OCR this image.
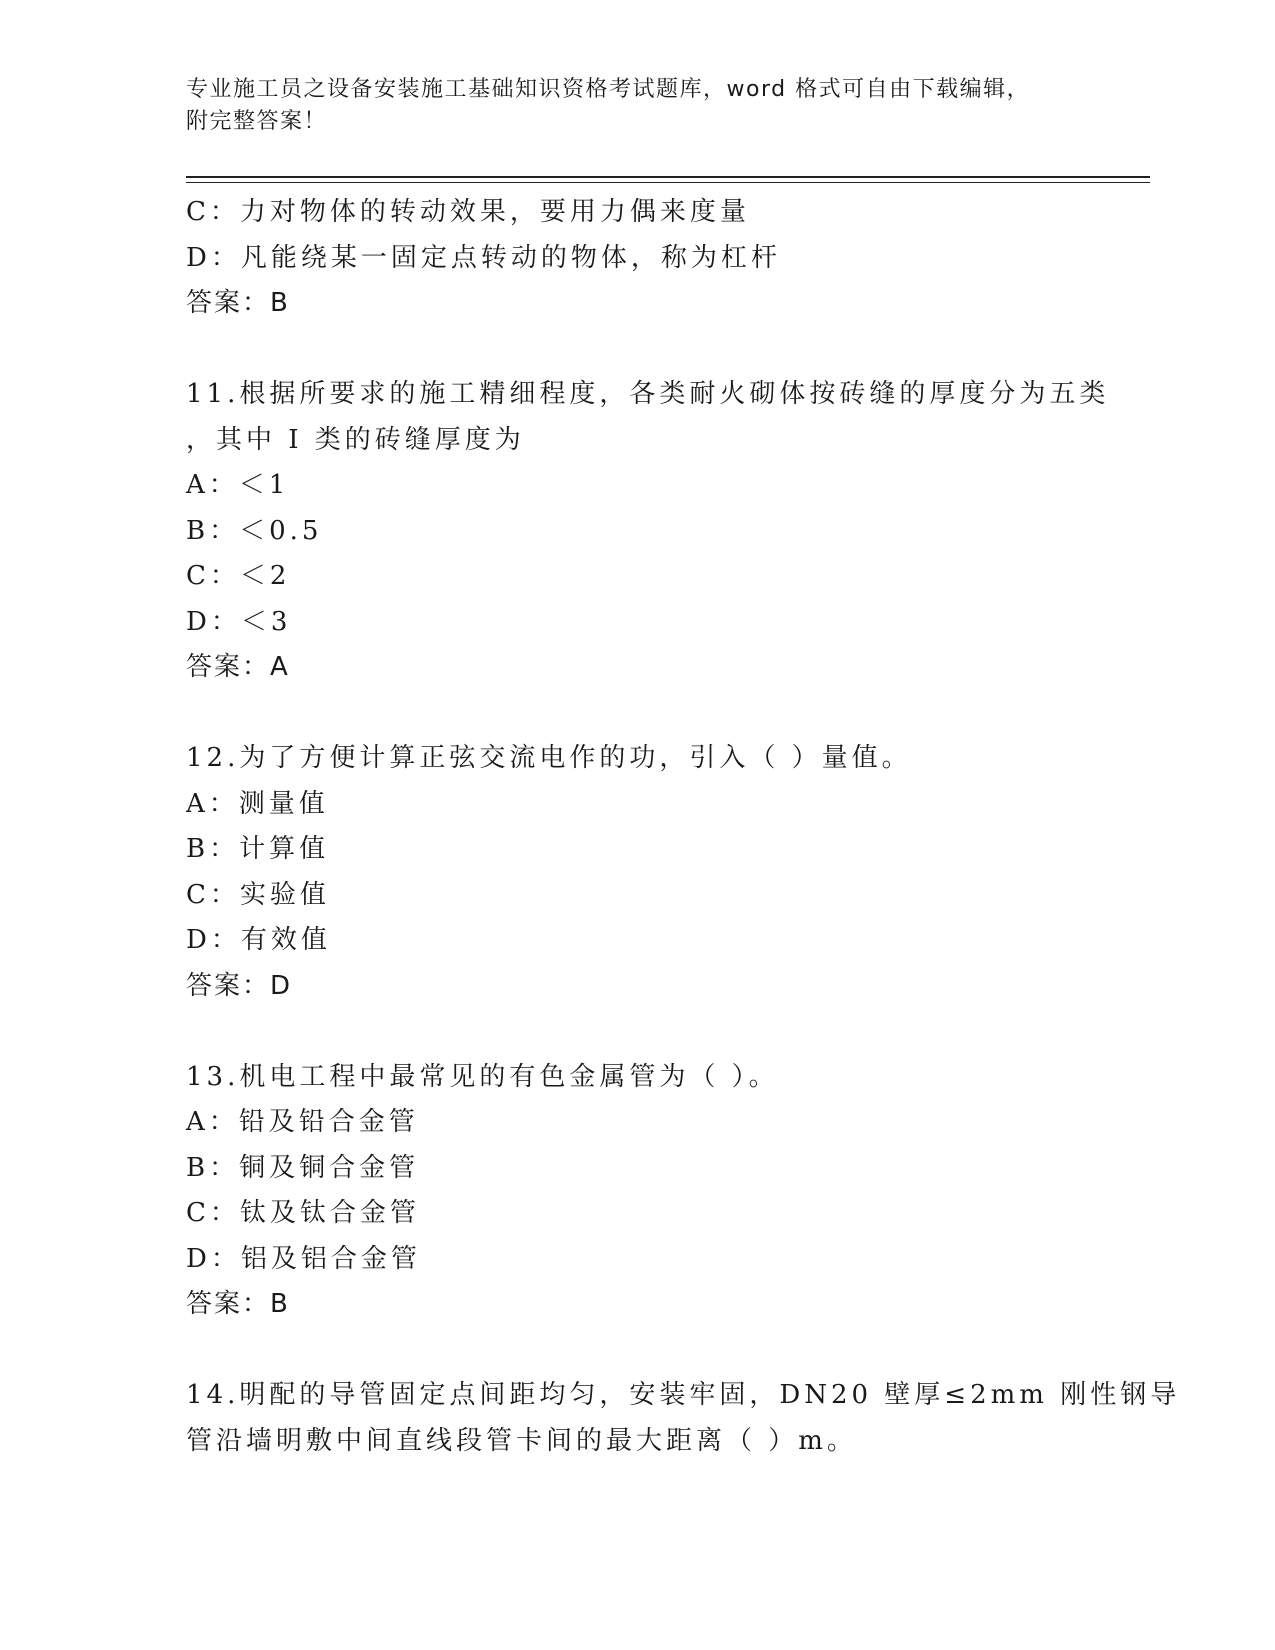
专业施工员之设备安装施工基础知识资格考试题库，word 格式可自由下载编辑，
附完整答案！
C：力对物体的转动效果，要用力偶来度量
D：凡能绕某一固定点转动的物体，称为杠杆
答案：B
11.根据所要求的施工精细程度，各类耐火砌体按砖缝的厚度分为五类
，其中 I 类的砖缝厚度为
A：＜1
B：＜0.5
C：＜2
D：＜3
答案：A
12.为了方便计算正弦交流电作的功，引入（ ）量值。
A：测量值
B：计算值
C：实验值
D：有效值
答案：D
13.机电工程中最常见的有色金属管为（ ）。
A：铅及铅合金管
B：铜及铜合金管
C：钛及钛合金管
D：铝及铝合金管
答案：B
14.明配的导管固定点间距均匀，安装牢固，DN20 壁厚≤2mm 刚性钢导
管沿墙明敷中间直线段管卡间的最大距离（ ）m。
